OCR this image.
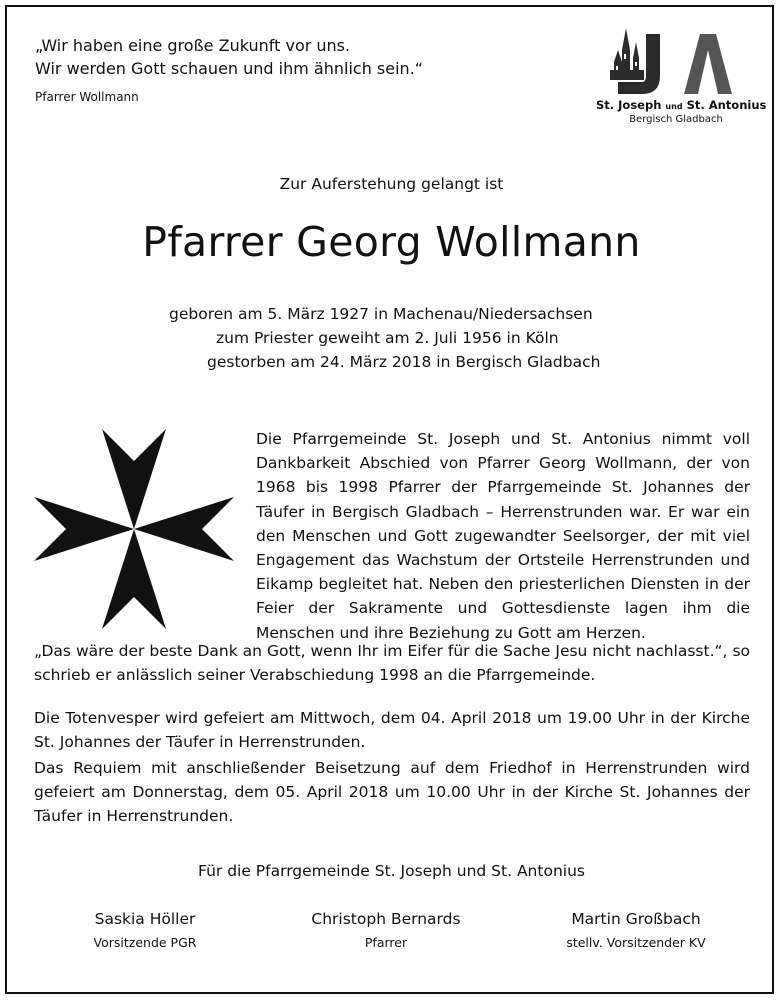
„Wir haben eine große Zukunft vor uns.
Wir werden Gott schauen und ihm ähnlich sein.“
Pfarrer Wollmann
St. Joseph und St. Antonius
Bergisch Gladbach
Zur Auferstehung gelangt ist
Pfarrer Georg Wollmann
geboren am 5. März 1927 in Machenau/Niedersachsen
zum Priester geweiht am 2. Juli 1956 in Köln
gestorben am 24. März 2018 in Bergisch Gladbach
Die Pfarrgemeinde St. Joseph und St. Antonius nimmt voll Dankbarkeit Abschied von Pfarrer Georg Wollmann, der von 1968 bis 1998 Pfarrer der Pfarrgemeinde St. Johannes der Täufer in Bergisch Gladbach – Herrenstrunden war. Er war ein den Menschen und Gott zugewandter Seelsorger, der mit viel Engagement das Wachstum der Ortsteile Herrenstrunden und Eikamp begleitet hat. Neben den priesterlichen Diensten in der Feier der Sakramente und Gottesdienste lagen ihm die Menschen und ihre Beziehung zu Gott am Herzen.
„Das wäre der beste Dank an Gott, wenn Ihr im Eifer für die Sache Jesu nicht nachlasst.“, so schrieb er anlässlich seiner Verabschiedung 1998 an die Pfarrgemeinde.
Die Totenvesper wird gefeiert am Mittwoch, dem 04. April 2018 um 19.00 Uhr in der Kirche St. Johannes der Täufer in Herrenstrunden.
Das Requiem mit anschließender Beisetzung auf dem Friedhof in Herrenstrunden wird gefeiert am Donnerstag, dem 05. April 2018 um 10.00 Uhr in der Kirche St. Johannes der Täufer in Herrenstrunden.
Für die Pfarrgemeinde St. Joseph und St. Antonius
Saskia Höller
Vorsitzende PGR
Christoph Bernards
Pfarrer
Martin Großbach
stellv. Vorsitzender KV
